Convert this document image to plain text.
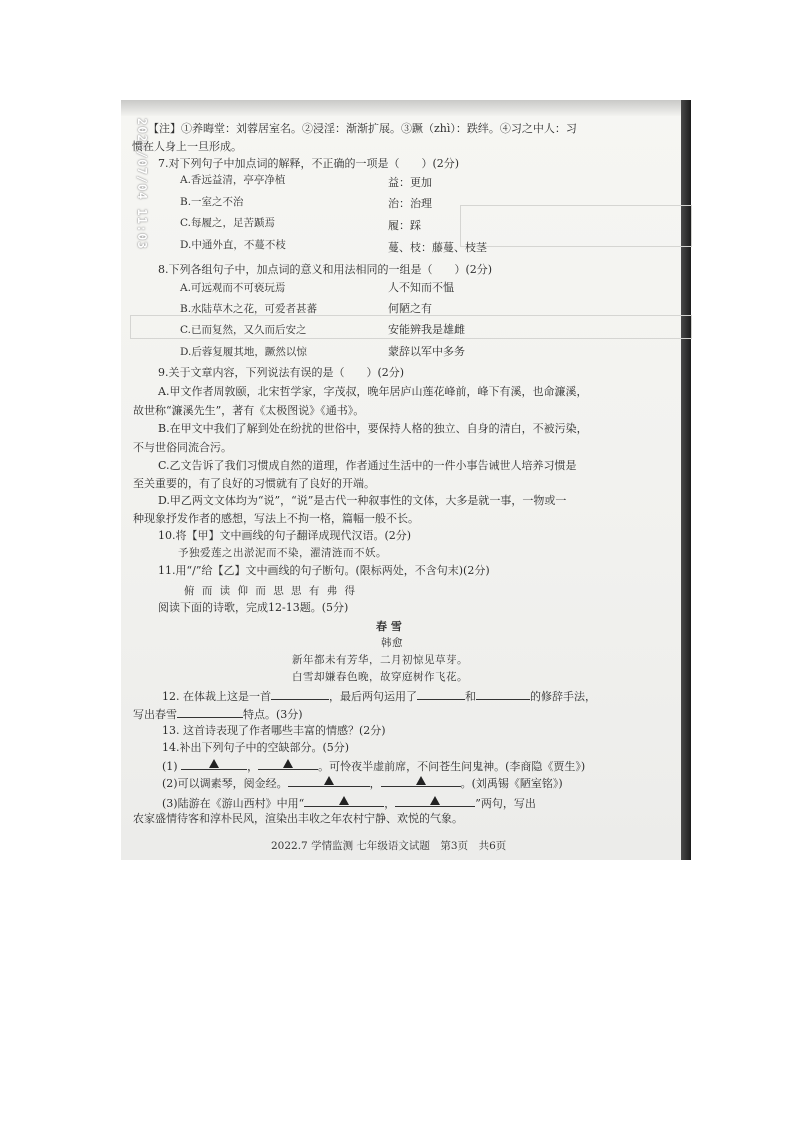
2022/07/04 11:03 【注】①养晦堂：刘蓉居室名。②浸淫：渐渐扩展。③蹶（zhì）：跌绊。④习之中人：习
惯在人身上一旦形成。
7.对下列句子中加点词的解释，不正确的一项是（　　）(2分)
A.香远益清，亭亭净植	益：更加
B.一室之不治	治：治理
C.每履之，足苦踬焉	履：踩
D.中通外直，不蔓不枝	蔓、枝：藤蔓、枝茎
8.下列各组句子中，加点词的意义和用法相同的一组是（　　）(2分)
A.可远观而不可亵玩焉	人不知而不愠
B.水陆草木之花，可爱者甚蕃	何陋之有
C.已而复然，又久而后安之	安能辨我是雄雌
D.后蓉复履其地，蹶然以惊	蒙辞以军中多务
9.关于文章内容，下列说法有误的是（　　）(2分)
A.甲文作者周敦颐，北宋哲学家，字茂叔，晚年居庐山莲花峰前，峰下有溪，也命濂溪，
故世称“濂溪先生”，著有《太极图说》《通书》。
B.在甲文中我们了解到处在纷扰的世俗中，要保持人格的独立、自身的清白，不被污染，
不与世俗同流合污。
C.乙文告诉了我们习惯成自然的道理，作者通过生活中的一件小事告诫世人培养习惯是
至关重要的，有了良好的习惯就有了良好的开端。
D.甲乙两文文体均为“说”，“说”是古代一种叙事性的文体，大多是就一事，一物或一
种现象抒发作者的感想，写法上不拘一格，篇幅一般不长。
10.将【甲】文中画线的句子翻译成现代汉语。(2分)
予独爱莲之出淤泥而不染，濯清涟而不妖。
11.用“/”给【乙】文中画线的句子断句。(限标两处，不含句末)(2分)
俯 而 读 仰 而 思 思 有 弗 得
阅读下面的诗歌，完成12-13题。(5分)
春 雪
韩愈
新年都未有芳华，二月初惊见草芽。
白雪却嫌春色晚，故穿庭树作飞花。
12. 在体裁上这是一首	，最后两句运用了	和	的修辞手法，
写出春雪	特点。(3分)
13. 这首诗表现了作者哪些丰富的情感？(2分)
14.补出下列句子中的空缺部分。(5分)
(1)	，	。可怜夜半虚前席，不问苍生问鬼神。(李商隐《贾生》)
(2)可以调素琴，阅金经。	，	。(刘禹锡《陋室铭》)
(3)陆游在《游山西村》中用“	，	”两句，写出
农家盛情待客和淳朴民风，渲染出丰收之年农村宁静、欢悦的气象。
2022.7 学情监测 七年级语文试题　第3页　共6页
